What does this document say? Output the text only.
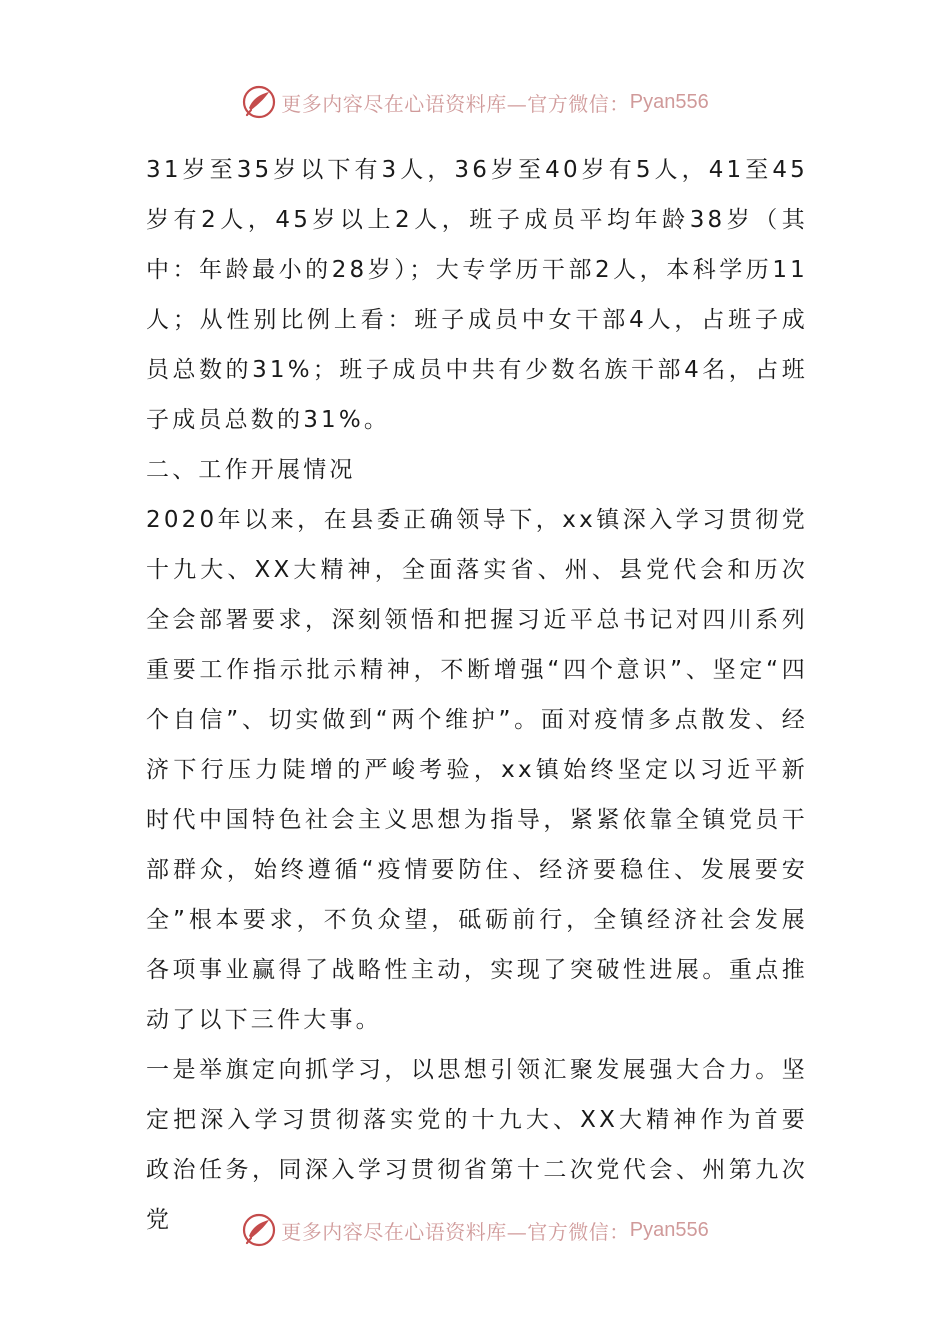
更多内容尽在心语资料库—官方微信： Pyan556

31岁至35岁以下有3人，36岁至40岁有5人，41至45岁有2人，45岁以上2人，班子成员平均年龄38岁（其中：年龄最小的28岁）；大专学历干部2人，本科学历11人；从性别比例上看：班子成员中女干部4人，占班子成员总数的31%；班子成员中共有少数名族干部4名，占班子成员总数的31%。

二、工作开展情况

2020年以来，在县委正确领导下，xx镇深入学习贯彻党十九大、XX大精神，全面落实省、州、县党代会和历次全会部署要求，深刻领悟和把握习近平总书记对四川系列重要工作指示批示精神，不断增强“四个意识”、坚定“四个自信”、切实做到“两个维护”。面对疫情多点散发、经济下行压力陡增的严峻考验，xx镇始终坚定以习近平新时代中国特色社会主义思想为指导，紧紧依靠全镇党员干部群众，始终遵循“疫情要防住、经济要稳住、发展要安全”根本要求，不负众望，砥砺前行，全镇经济社会发展各项事业赢得了战略性主动，实现了突破性进展。重点推动了以下三件大事。

一是举旗定向抓学习，以思想引领汇聚发展强大合力。坚定把深入学习贯彻落实党的十九大、XX大精神作为首要政治任务，同深入学习贯彻省第十二次党代会、州第九次党	更多内容尽在心语资料库—官方微信： Pyan556
